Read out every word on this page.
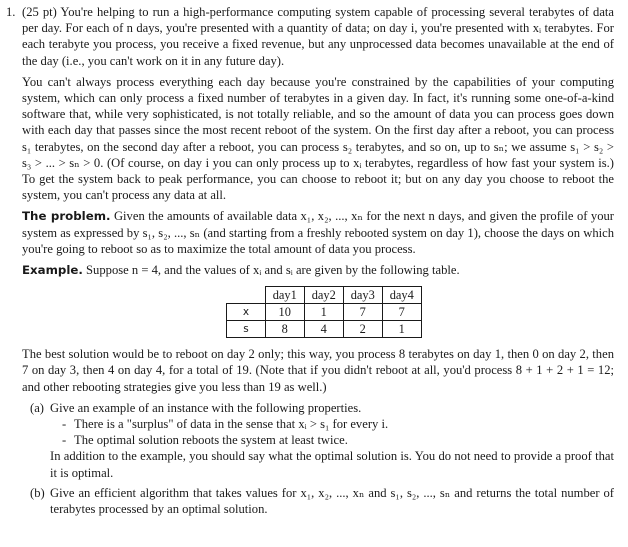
1. (25 pt) You're helping to run a high-performance computing system capable of processing several terabytes of data per day. For each of n days, you're presented with a quantity of data; on day i, you're presented with xᵢ terabytes. For each terabyte you process, you receive a fixed revenue, but any unprocessed data becomes unavailable at the end of the day (i.e., you can't work on it in any future day).

You can't always process everything each day because you're constrained by the capabilities of your computing system, which can only process a fixed number of terabytes in a given day. In fact, it's running some one-of-a-kind software that, while very sophisticated, is not totally reliable, and so the amount of data you can process goes down with each day that passes since the most recent reboot of the system. On the first day after a reboot, you can process s₁ terabytes, on the second day after a reboot, you can process s₂ terabytes, and so on, up to sₙ; we assume s₁ > s₂ > s₃ > ... > sₙ > 0. (Of course, on day i you can only process up to xᵢ terabytes, regardless of how fast your system is.) To get the system back to peak performance, you can choose to reboot it; but on any day you choose to reboot the system, you can't process any data at all.

The problem. Given the amounts of available data x₁, x₂, ..., xₙ for the next n days, and given the profile of your system as expressed by s₁, s₂, ..., sₙ (and starting from a freshly rebooted system on day 1), choose the days on which you're going to reboot so as to maximize the total amount of data you process.

Example. Suppose n = 4, and the values of xᵢ and sᵢ are given by the following table.

	day1	day2	day3	day4
x	10	1	7	7
s	8	4	2	1

The best solution would be to reboot on day 2 only; this way, you process 8 terabytes on day 1, then 0 on day 2, then 7 on day 3, then 4 on day 4, for a total of 19. (Note that if you didn't reboot at all, you'd process 8 + 1 + 2 + 1 = 12; and other rebooting strategies give you less than 19 as well.)

(a) Give an example of an instance with the following properties.
- There is a "surplus" of data in the sense that xᵢ > s₁ for every i.
- The optimal solution reboots the system at least twice.
In addition to the example, you should say what the optimal solution is. You do not need to provide a proof that it is optimal.
(b) Give an efficient algorithm that takes values for x₁, x₂, ..., xₙ and s₁, s₂, ..., sₙ and returns the total number of terabytes processed by an optimal solution.
